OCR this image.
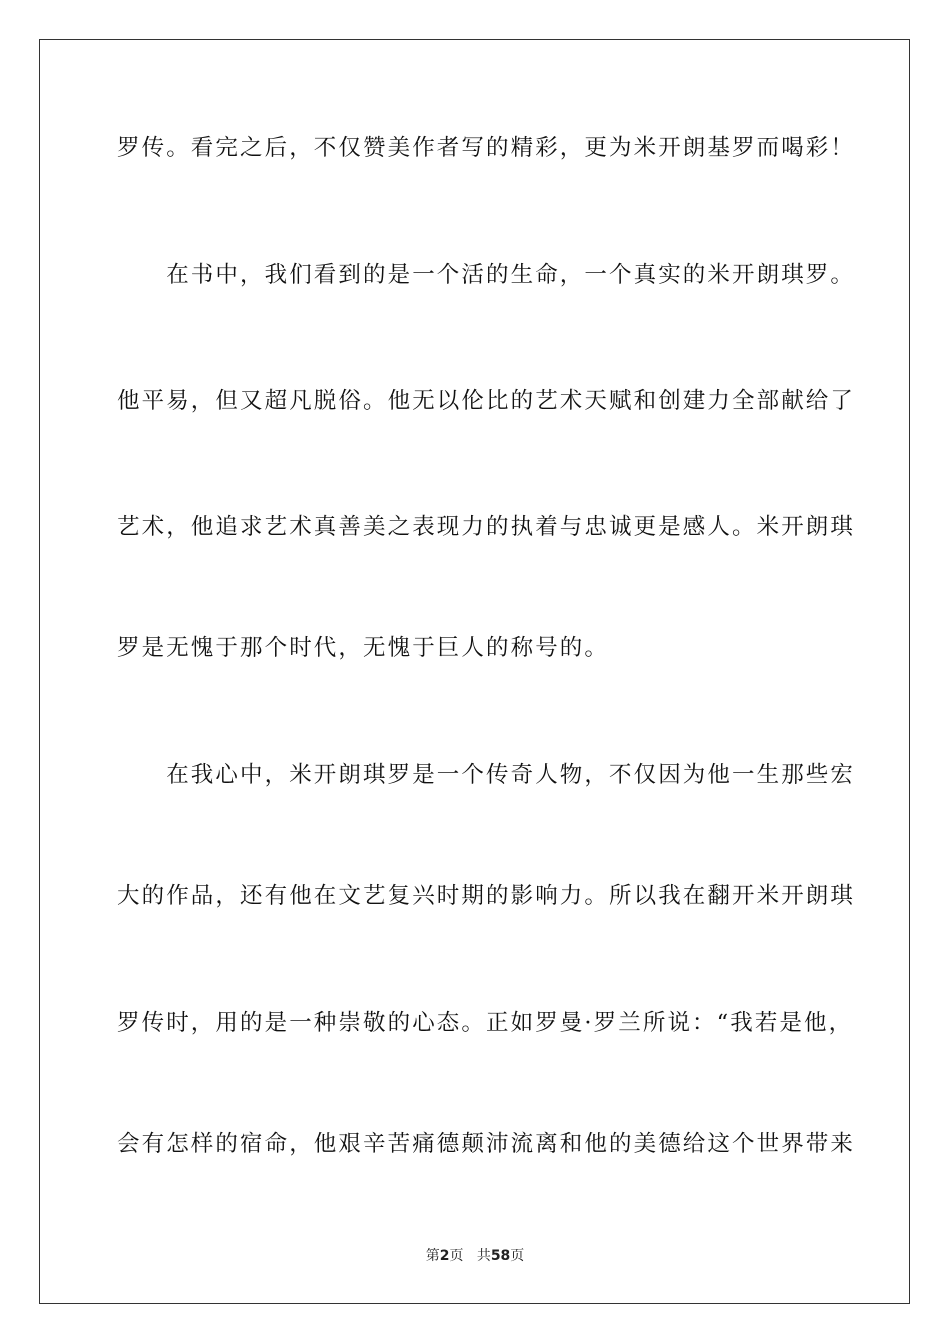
罗传。看完之后，不仅赞美作者写的精彩，更为米开朗基罗而喝彩！
　　在书中，我们看到的是一个活的生命，一个真实的米开朗琪罗。
他平易，但又超凡脱俗。他无以伦比的艺术天赋和创建力全部献给了
艺术，他追求艺术真善美之表现力的执着与忠诚更是感人。米开朗琪
罗是无愧于那个时代，无愧于巨人的称号的。
　　在我心中，米开朗琪罗是一个传奇人物，不仅因为他一生那些宏
大的作品，还有他在文艺复兴时期的影响力。所以我在翻开米开朗琪
罗传时，用的是一种崇敬的心态。正如罗曼·罗兰所说：“我若是他，
会有怎样的宿命，他艰辛苦痛德颠沛流离和他的美德给这个世界带来
第2页 共58页
